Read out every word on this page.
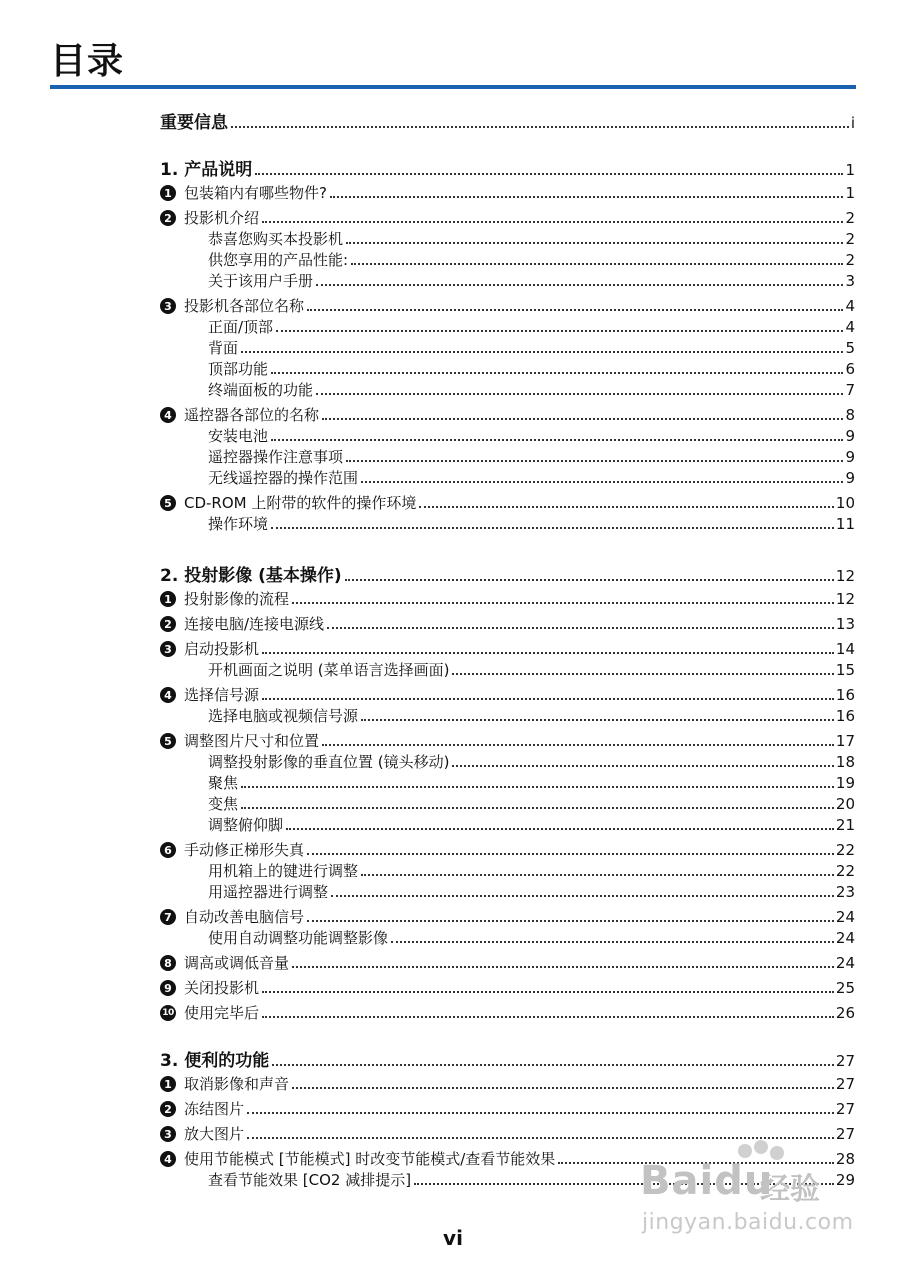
目录
重要信息	i
1. 产品说明	1
1 包装箱内有哪些物件?	1
2 投影机介绍	2
恭喜您购买本投影机	2
供您享用的产品性能:	2
关于该用户手册	3
3 投影机各部位名称	4
正面/顶部	4
背面	5
顶部功能	6
终端面板的功能	7
4 遥控器各部位的名称	8
安装电池	9
遥控器操作注意事项	9
无线遥控器的操作范围	9
5 CD-ROM 上附带的软件的操作环境	10
操作环境	11
2. 投射影像 (基本操作)	12
1 投射影像的流程	12
2 连接电脑/连接电源线	13
3 启动投影机	14
开机画面之说明 (菜单语言选择画面)	15
4 选择信号源	16
选择电脑或视频信号源	16
5 调整图片尺寸和位置	17
调整投射影像的垂直位置 (镜头移动)	18
聚焦	19
变焦	20
调整俯仰脚	21
6 手动修正梯形失真	22
用机箱上的键进行调整	22
用遥控器进行调整	23
7 自动改善电脑信号	24
使用自动调整功能调整影像	24
8 调高或调低音量	24
9 关闭投影机	25
10 使用完毕后	26
3. 便利的功能	27
1 取消影像和声音	27
2 冻结图片	27
3 放大图片	27
4 使用节能模式 [节能模式] 时改变节能模式/查看节能效果	28
查看节能效果 [CO2 减排提示]	29
vi
Baidu
经验
jingyan.baidu.com
